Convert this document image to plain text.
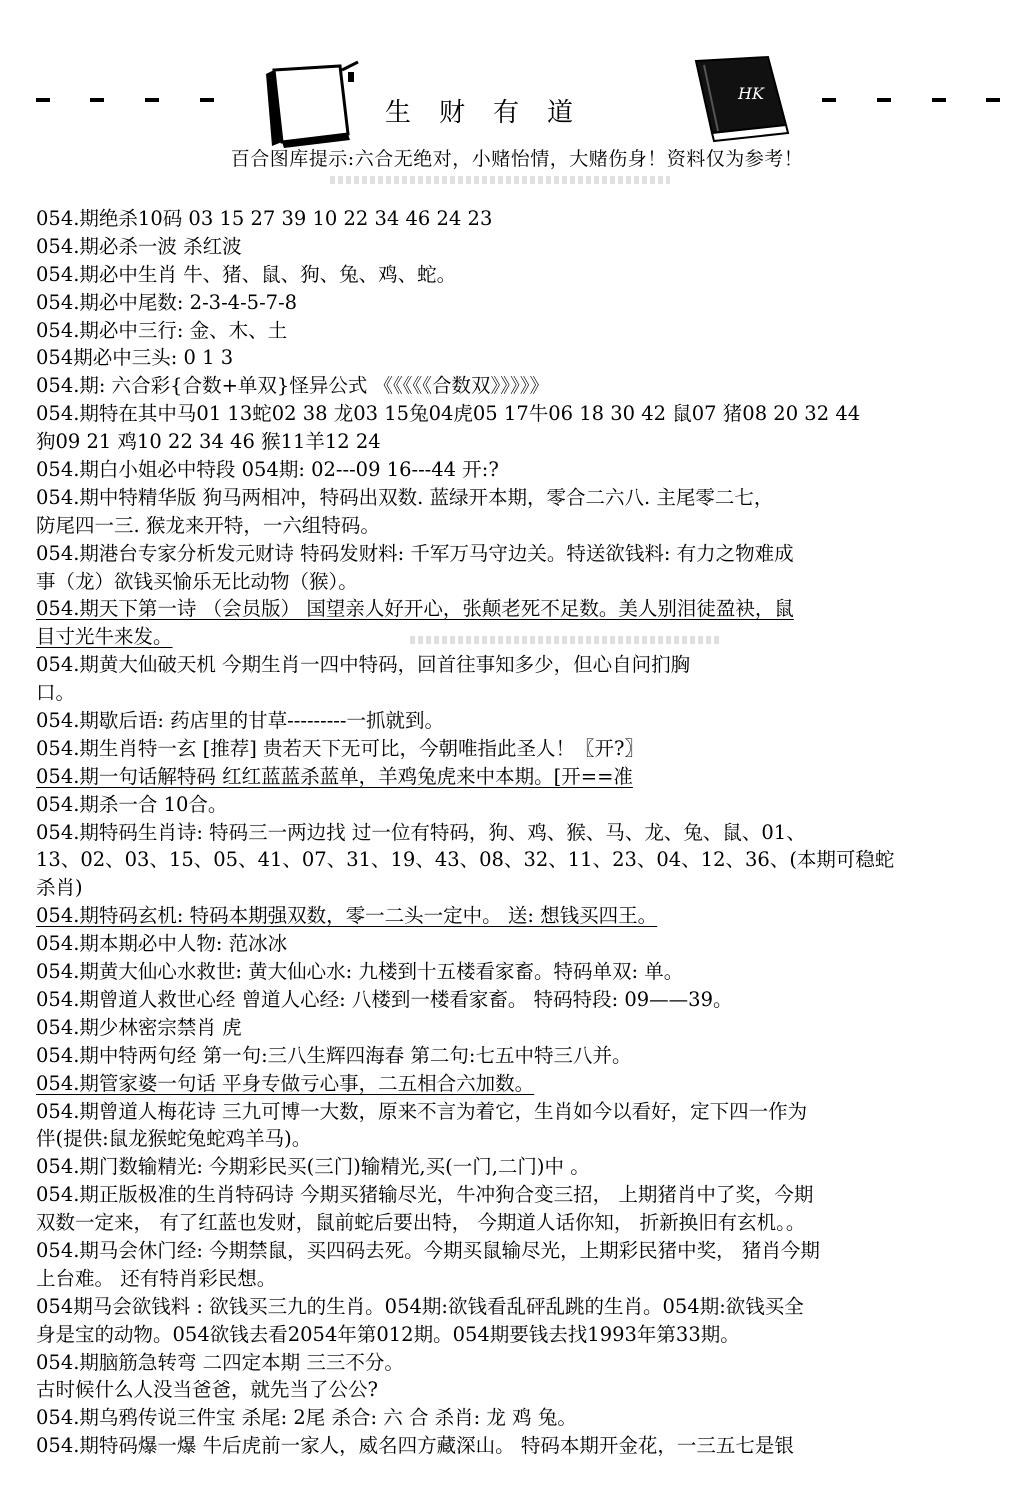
生财有道
HK
百合图库提示:六合无绝对，小赌怡情，大赌伤身！资料仅为参考！
054.期绝杀10码 03 15 27 39 10 22 34 46 24 23
054.期必杀一波 杀红波
054.期必中生肖 牛、猪、鼠、狗、兔、鸡、蛇。
054.期必中尾数: 2-3-4-5-7-8
054.期必中三行: 金、木、土
054期必中三头: 0 1 3
054.期: 六合彩{合数+单双}怪异公式 《《《《《合数双》》》》》
054.期特在其中马01 13蛇02 38 龙03 15兔04虎05 17牛06 18 30 42 鼠07 猪08 20 32 44
狗09 21 鸡10 22 34 46 猴11羊12 24
054.期白小姐必中特段 054期: 02---09 16---44 开:?
054.期中特精华版 狗马两相冲，特码出双数. 蓝绿开本期，零合二六八. 主尾零二七，
防尾四一三. 猴龙来开特，一六组特码。
054.期港台专家分析发元财诗 特码发财料: 千军万马守边关。特送欲钱料: 有力之物难成
事（龙）欲钱买愉乐无比动物（猴）。
054.期天下第一诗 （会员版） 国望亲人好开心，张颠老死不足数。美人别泪徒盈袂，鼠
目寸光牛来发。
054.期黄大仙破天机 今期生肖一四中特码，回首往事知多少，但心自问扪胸
口。
054.期歇后语: 药店里的甘草---------一抓就到。
054.期生肖特一玄 [推荐] 贵若天下无可比，今朝唯指此圣人！〖开?〗
054.期一句话解特码 红红蓝蓝杀蓝单，羊鸡兔虎来中本期。[开==准
054.期杀一合 10合。
054.期特码生肖诗: 特码三一两边找 过一位有特码，狗、鸡、猴、马、龙、兔、鼠、01、
13、02、03、15、05、41、07、31、19、43、08、32、11、23、04、12、36、(本期可稳蛇
杀肖)
054.期特码玄机: 特码本期强双数，零一二头一定中。 送: 想钱买四王。
054.期本期必中人物: 范冰冰
054.期黄大仙心水救世: 黄大仙心水: 九楼到十五楼看家畜。特码单双: 单。
054.期曾道人救世心经 曾道人心经: 八楼到一楼看家畜。 特码特段: 09——39。
054.期少林密宗禁肖 虎
054.期中特两句经 第一句:三八生辉四海春 第二句:七五中特三八并。
054.期管家婆一句话 平身专做亏心事，二五相合六加数。
054.期曾道人梅花诗 三九可博一大数，原来不言为着它，生肖如今以看好，定下四一作为
伴(提供:鼠龙猴蛇兔蛇鸡羊马)。
054.期门数输精光: 今期彩民买(三门)输精光,买(一门,二门)中 。
054.期正版极准的生肖特码诗 今期买猪输尽光，牛冲狗合变三招， 上期猪肖中了奖，今期
双数一定来， 有了红蓝也发财，鼠前蛇后要出特， 今期道人话你知， 折新换旧有玄机。。
054.期马会休门经: 今期禁鼠，买四码去死。今期买鼠输尽光，上期彩民猪中奖， 猪肖今期
上台难。 还有特肖彩民想。
054期马会欲钱料 : 欲钱买三九的生肖。054期:欲钱看乱砰乱跳的生肖。054期:欲钱买全
身是宝的动物。054欲钱去看2054年第012期。054期要钱去找1993年第33期。
054.期脑筋急转弯 二四定本期 三三不分。
古时候什么人没当爸爸，就先当了公公?
054.期乌鸦传说三件宝 杀尾: 2尾 杀合: 六 合 杀肖: 龙 鸡 兔。
054.期特码爆一爆 牛后虎前一家人，威名四方藏深山。 特码本期开金花，一三五七是银
